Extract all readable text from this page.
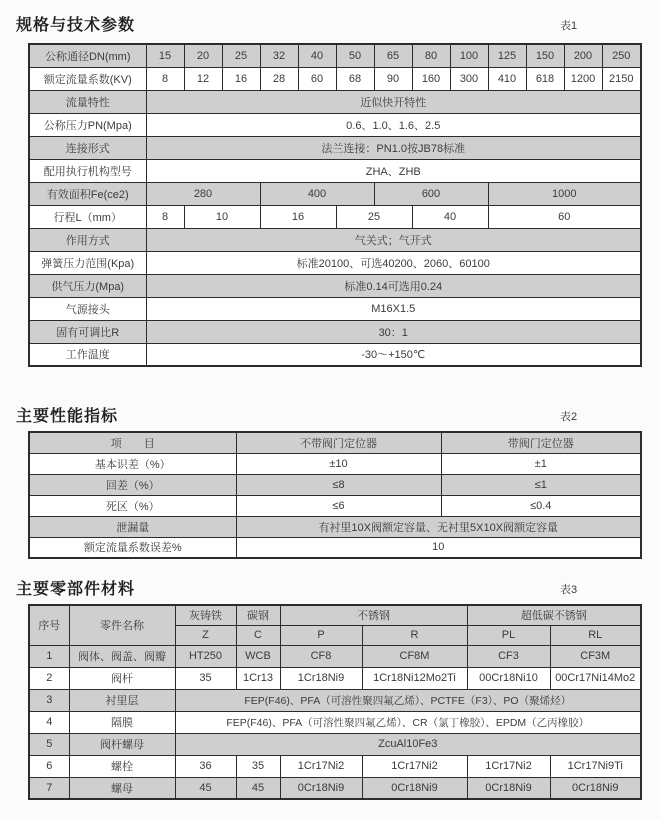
规格与技术参数	表1
公称通径DN(mm)	15	20	25	32	40	50	65	80	100	125	150	200	250
额定流量系数(KV)	8	12	16	28	60	68	90	160	300	410	618	1200	2150
流量特性	近似快开特性												
公称压力PN(Mpa)	0.6、1.0、1.6、2.5												
连接形式	法兰连接：PN1.0按JB78标准												
配用执行机构型号	ZHA、ZHB												
有效面积Fe(ce2)	280			400			600			1000			
行程L（mm）	8	10		16		25		40		60			
作用方式	气关式；气开式												
弹簧压力范围(Kpa)	标准20100、可选40200、2060、60100												
供气压力(Mpa)	标准0.14可选用0.24												
气源接头	M16X1.5												
固有可调比R	30：1												
工作温度	-30～+150℃												
主要性能指标	表2
项　　目	不带阀门定位器	带阀门定位器
基本识差（%）	±10	±1
回差（%）	≤8	≤1
死区（%）	≤6	≤0.4
泄漏量	有衬里10X阀额定容量、无衬里5X10X阀额定容量	
额定流量系数误差%	10	
主要零部件材料	表3
序号	零件名称	灰铸铁	碳钢	不锈钢		超低碳不锈钢	
		Z	C	P	R	PL	RL
1	阀体、阀盖、阀瓣	HT250	WCB	CF8	CF8M	CF3	CF3M
2	阀杆	35	1Cr13	1Cr18Ni9	1Cr18Ni12Mo2Ti	00Cr18Ni10	00Cr17Ni14Mo2
3	衬里层	FEP(F46)、PFA（可溶性聚四氟乙烯）、PCTFE（F3）、PO（聚烯烃）					
4	隔膜	FEP(F46)、PFA（可溶性聚四氟乙烯）、CR（氯丁橡胶）、EPDM（乙丙橡胶）					
5	阀杆螺母	ZcuAl10Fe3					
6	螺栓	36	35	1Cr17Ni2	1Cr17Ni2	1Cr17Ni2	1Cr17Ni9Ti
7	螺母	45	45	0Cr18Ni9	0Cr18Ni9	0Cr18Ni9	0Cr18Ni9
